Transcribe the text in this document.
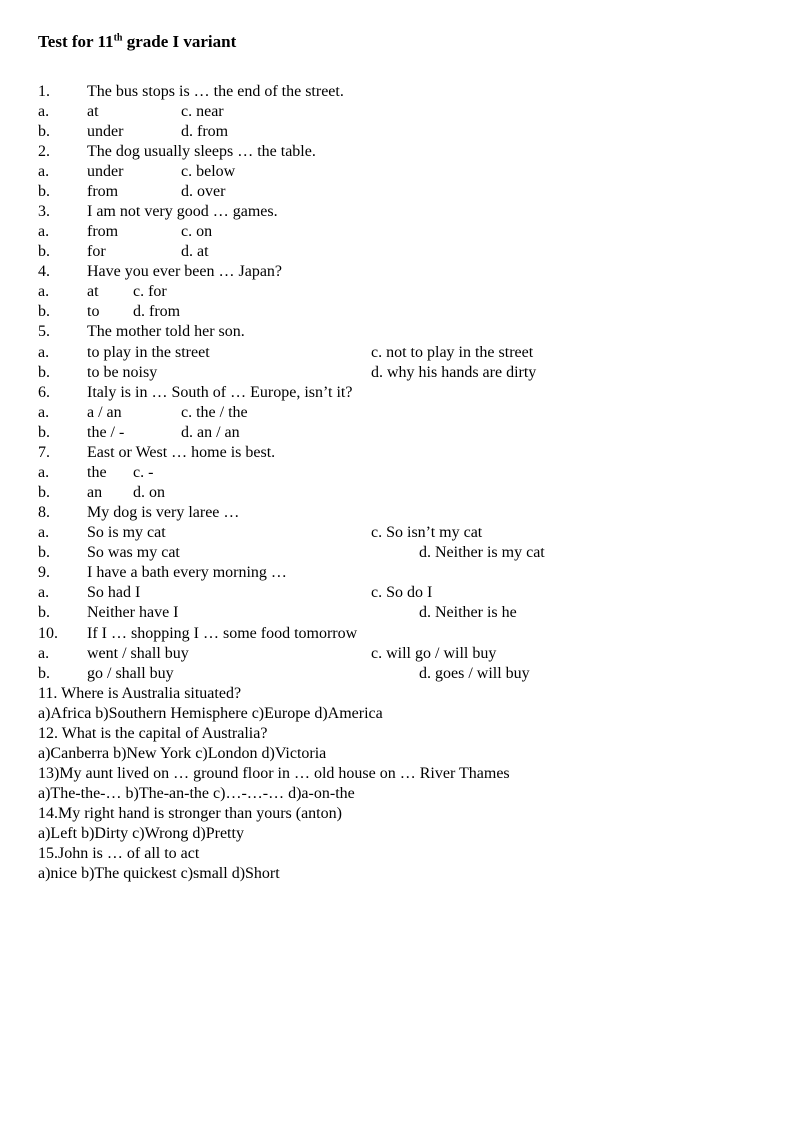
Test for 11th grade I variant
1. The bus stops is … the end of the street.
a. at	c. near
b. under	d. from
2. The dog usually sleeps … the table.
a. under	c. below
b. from	d. over
3. I am not very good … games.
a. from	c. on
b. for	d. at
4. Have you ever been … Japan?
a. at c. for
b. to d. from
5. The mother told her son.
a. to play in the street	c. not to play in the street
b. to be noisy	d. why his hands are dirty
6. Italy is in … South of … Europe, isn’t it?
a. a / an	c. the / the
b. the / -	d. an / an
7. East or West … home is best.
a. the c. -
b. an d. on
8. My dog is very laree …
a. So is my cat	c. So isn’t my cat
b. So was my cat	d. Neither is my cat
9. I have a bath every morning …
a. So had I	c. So do I
b. Neither have I	d. Neither is he
10. If I … shopping I … some food tomorrow
a. went / shall buy	c. will go / will buy
b. go / shall buy	d. goes / will buy
11. Where is Australia situated?
a)Africa b)Southern Hemisphere c)Europe d)America
12. What is the capital of Australia?
a)Canberra b)New York c)London d)Victoria
13)My aunt lived on … ground floor in … old house on … River Thames
a)The-the-… b)The-an-the c)…-…-… d)a-on-the
14.My right hand is stronger than yours (anton)
a)Left b)Dirty c)Wrong d)Pretty
15.John is … of all to act
a)nice b)The quickest c)small d)Short
